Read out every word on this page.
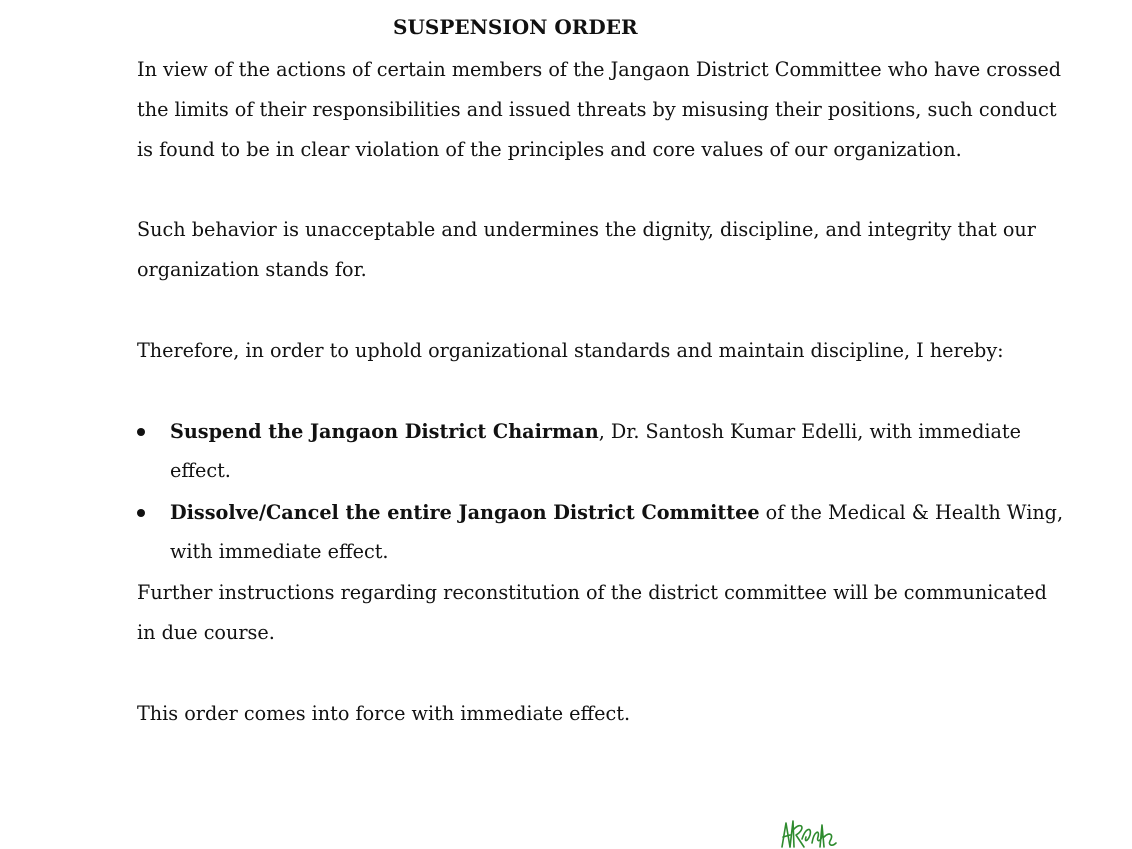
SUSPENSION ORDER

In view of the actions of certain members of the Jangaon District Committee who have crossed the limits of their responsibilities and issued threats by misusing their positions, such conduct is found to be in clear violation of the principles and core values of our organization.

Such behavior is unacceptable and undermines the dignity, discipline, and integrity that our organization stands for.

Therefore, in order to uphold organizational standards and maintain discipline, I hereby:

Suspend the Jangaon District Chairman, Dr. Santosh Kumar Edelli, with immediate effect.
Dissolve/Cancel the entire Jangaon District Committee of the Medical & Health Wing, with immediate effect.

Further instructions regarding reconstitution of the district committee will be communicated in due course.

This order comes into force with immediate effect.
